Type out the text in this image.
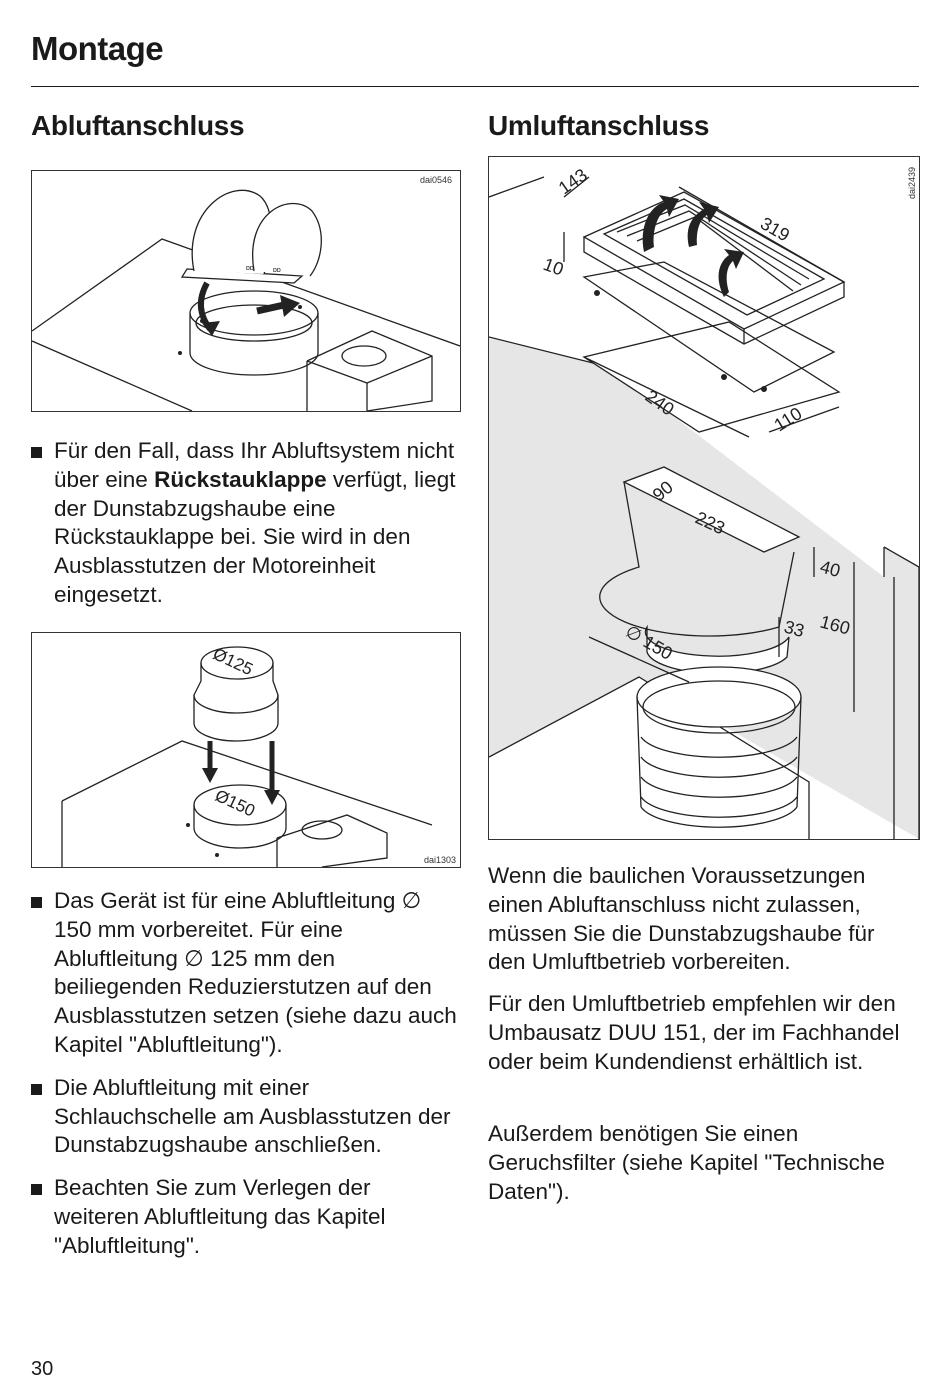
Montage
Abluftanschluss
ɒɒ	ɒɒ
dai0546
Für den Fall, dass Ihr Abluftsystem nicht über eine Rückstauklappe verfügt, liegt der Dunstabzugshaube eine Rückstauklappe bei. Sie wird in den Ausblasstutzen der Motoreinheit eingesetzt.
Ø125
Ø150
dai1303
Das Gerät ist für eine Abluftleitung ∅ 150 mm vorbereitet. Für eine Abluftleitung ∅ 125 mm den beiliegenden Reduzierstutzen auf den Ausblasstutzen setzen (siehe dazu auch Kapitel "Abluftleitung").
Die Abluftleitung mit einer Schlauchschelle am Ausblasstutzen der Dunstabzugshaube anschließen.
Beachten Sie zum Verlegen der weiteren Abluftleitung das Kapitel "Abluftleitung".
Umluftanschluss
143
319
10
240	110
90
223
40
160
33
∅ 150
dai2439

Wenn die baulichen Voraussetzungen einen Abluftanschluss nicht zulassen, müssen Sie die Dunstabzugshaube für den Umluftbetrieb vorbereiten.

Für den Umluftbetrieb empfehlen wir den Umbausatz DUU 151, der im Fachhandel oder beim Kundendienst erhältlich ist.

Außerdem benötigen Sie einen Geruchsfilter (siehe Kapitel "Technische Daten").

30
